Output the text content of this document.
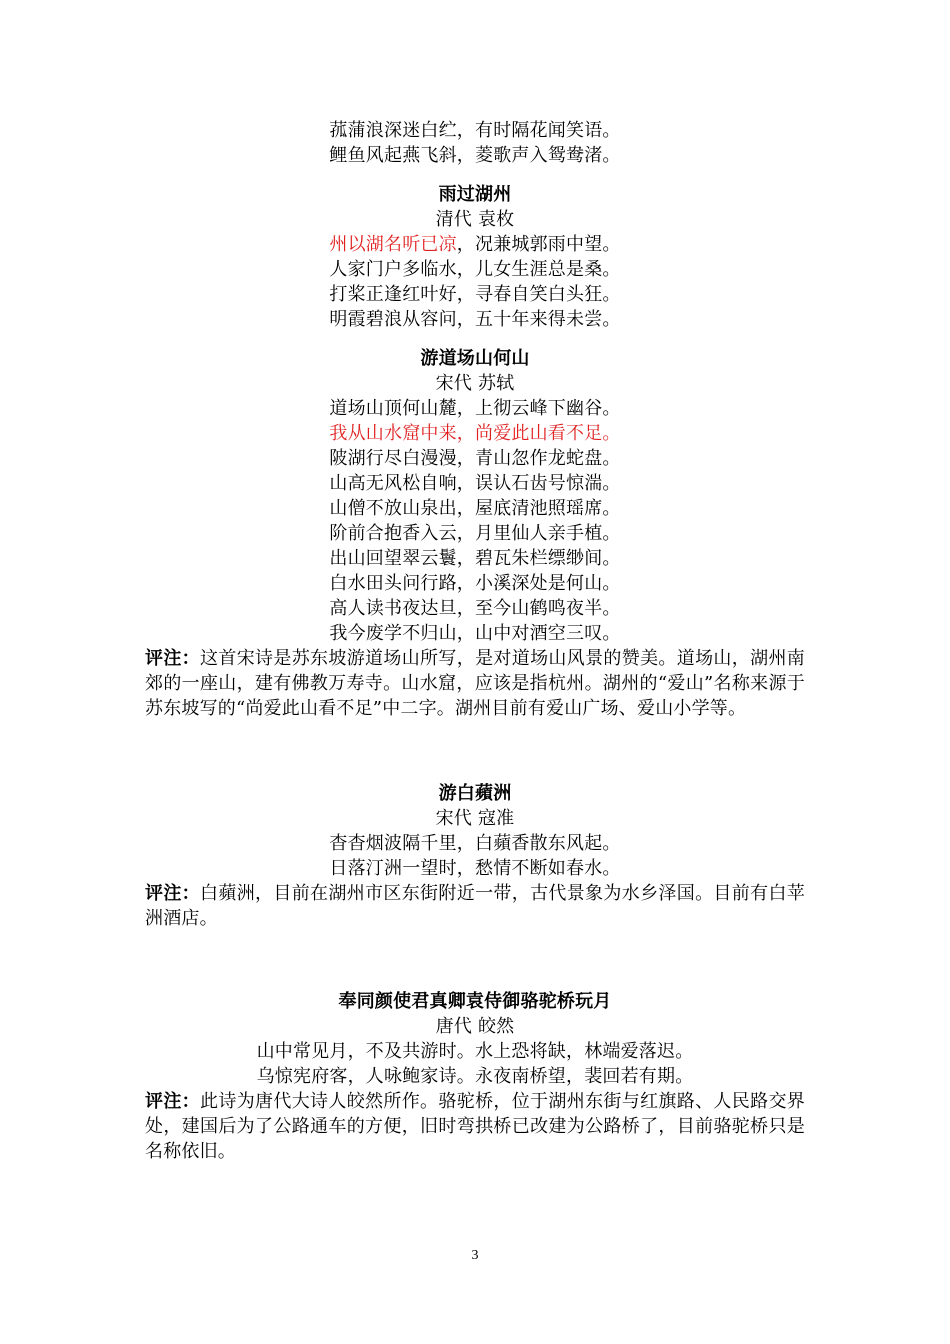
菰蒲浪深迷白纻，有时隔花闻笑语。
鲤鱼风起燕飞斜，菱歌声入鸳鸯渚。
雨过湖州
清代 袁枚
州以湖名听已凉，况兼城郭雨中望。
人家门户多临水，儿女生涯总是桑。
打桨正逢红叶好，寻春自笑白头狂。
明霞碧浪从容问，五十年来得未尝。
游道场山何山
宋代 苏轼
道场山顶何山麓，上彻云峰下幽谷。
我从山水窟中来，尚爱此山看不足。
陂湖行尽白漫漫，青山忽作龙蛇盘。
山高无风松自响，误认石齿号惊湍。
山僧不放山泉出，屋底清池照瑶席。
阶前合抱香入云，月里仙人亲手植。
出山回望翠云鬟，碧瓦朱栏缥缈间。
白水田头问行路，小溪深处是何山。
高人读书夜达旦，至今山鹤鸣夜半。
我今废学不归山，山中对酒空三叹。
评注：这首宋诗是苏东坡游道场山所写，是对道场山风景的赞美。道场山，湖州南郊的一座山，建有佛教万寿寺。山水窟，应该是指杭州。湖州的“爱山”名称来源于苏东坡写的“尚爱此山看不足”中二字。湖州目前有爱山广场、爱山小学等。
游白蘋洲
宋代 寇准
杳杳烟波隔千里，白蘋香散东风起。
日落汀洲一望时，愁情不断如春水。
评注：白蘋洲，目前在湖州市区东街附近一带，古代景象为水乡泽国。目前有白苹洲酒店。
奉同颜使君真卿袁侍御骆驼桥玩月
唐代 皎然
山中常见月，不及共游时。水上恐将缺，林端爱落迟。
乌惊宪府客，人咏鲍家诗。永夜南桥望，裴回若有期。
评注：此诗为唐代大诗人皎然所作。骆驼桥，位于湖州东街与红旗路、人民路交界处，建国后为了公路通车的方便，旧时弯拱桥已改建为公路桥了，目前骆驼桥只是名称依旧。
3
